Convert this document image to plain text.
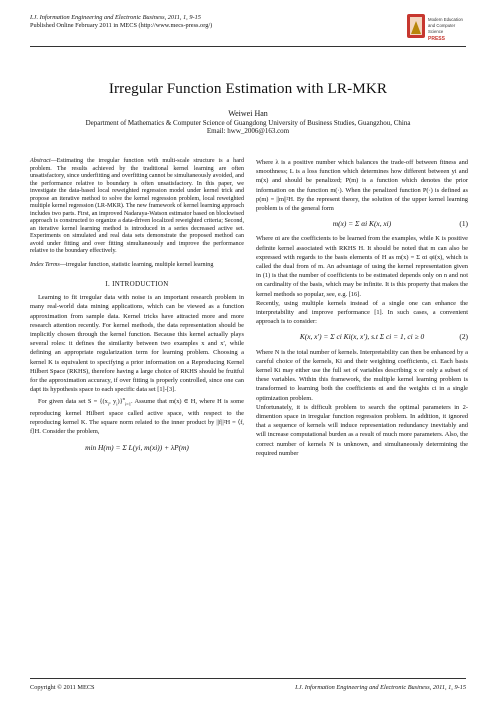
I.J. Information Engineering and Electronic Business, 2011, 1, 9-15
Published Online February 2011 in MECS (http://www.mecs-press.org/)
Modern Education
and Computer
Science
PRESS
Irregular Function Estimation with LR-MKR
Weiwei Han
Department of Mathematics & Computer Science of Guangdong University of Business Studies, Guangzhou, China
Email: hww_2006@163.com
Abstract—Estimating the irregular function with multi-scale structure is a hard problem. The results achieved by the traditional kernel learning are often unsatisfactory, since underfitting and overfitting cannot be simultaneously avoided, and the performance relative to boundary is often unsatisfactory. In this paper, we investigate the data-based local reweighted regression model under kernel trick and propose an iterative method to solve the kernel regression problem, local reweighted multiple kernel regression (LR-MKR). The new framework of kernel learning approach includes two parts. First, an improved Nadaraya-Watson estimator based on blockwised approach is constructed to organize a data-driven localized reweighted criteria; Second, an iterative kernel learning method is introduced in a series decreased active set. Experiments on simulated and real data sets demonstrate the proposed method can avoid under fitting and over fitting simultaneously and improve the performance relative to the boundary effectively.
Index Terms—irregular function, statistic learning, multiple kernel learning
I. INTRODUCTION

Learning to fit irregular data with noise is an important research problem in many real-world data mining applications, which can be viewed as a function approximation from sample data. Kernel tricks have attracted more and more research attention recently. For kernel methods, the data representation should be implicitly chosen through the kernel function. Because this kernel actually plays several roles: it defines the similarity between two examples x and x′, while defining an appropriate regularization term for learning problem. Choosing a kernel K is equivalent to specifying a prior information on a Reproducing Kernel Hilbert Space (RKHS), therefore having a large choice of RKHS should be fruitful for the approximation accuracy, if over fitting is properly controlled, since one can dapt its hypothesis space to each specific data set [1]-[3].

For given data set $S = \{(x_i$, $y_i)\}^n_{i=1}$. Assume that m(x) ∈ H, where H is some reproducing kernel Hilbert space called active space, with respect to the reproducing kernel K. The square norm related to the inner product by ||f||²H = ⟨f, f⟩H. Consider the problem,

min H(m) = Σ L(yi, m(xi)) + λP(m)

Where λ is a positive number which balances the trade-off between fitness and smoothness; L is a loss function which determines how different between yi and m(x) and should be penalized; P(m) is a function which denotes the prior information on the function m(·). When the penalized function P(·) is defined as p(m) = ||m||²H. By the represent theory, the solution of the upper kernel learning problem is of the general form

m(x) = Σ αi K(x, xi)	(1)

Where αi are the coefficients to be learned from the examples, while K is positive definite kernel associated with RKHS H. It should be noted that m can also be expressed with regards to the basis elements of H as m(x) = Σ αi φi(x), which is called the dual from of m. An advantage of using the kernel representation given in (1) is that the number of coefficients to be estimated depends only on n and not on cardinality of the basis, which may be infinite. It is this property that makes the kernel methods so popular, see, e.g. [16].

Recently, using multiple kernels instead of a single one can enhance the interpretability and improve performance [1]. In such cases, a convenient approach is to consider:

K(x, x′) = Σ ci Ki(x, x′), s.t Σ ci = 1, ci ≥ 0	(2)

Where N is the total number of kernels. Interpretability can then be enhanced by a careful choice of the kernels, Ki and their weighting coefficients, ci. Each basis kernel Ki may either use the full set of variables describing x or only a subset of these variables. Within this framework, the multiple kernel learning problem is transformed to learning both the coefficients αi and the weights ci in a single optimization problem.

Unfortunately, it is difficult problem to search the optimal parameters in 2-dimention space in irregular function regression problem. In addition, it ignored that a sequence of kernels will induce representation redundancy inevitably and will increase computational burden as a result of much more parameters. Also, the correct number of kernels N is unknown, and simultaneously determining the required number

Copyright © 2011 MECS	I.J. Information Engineering and Electronic Business, 2011, 1, 9-15
